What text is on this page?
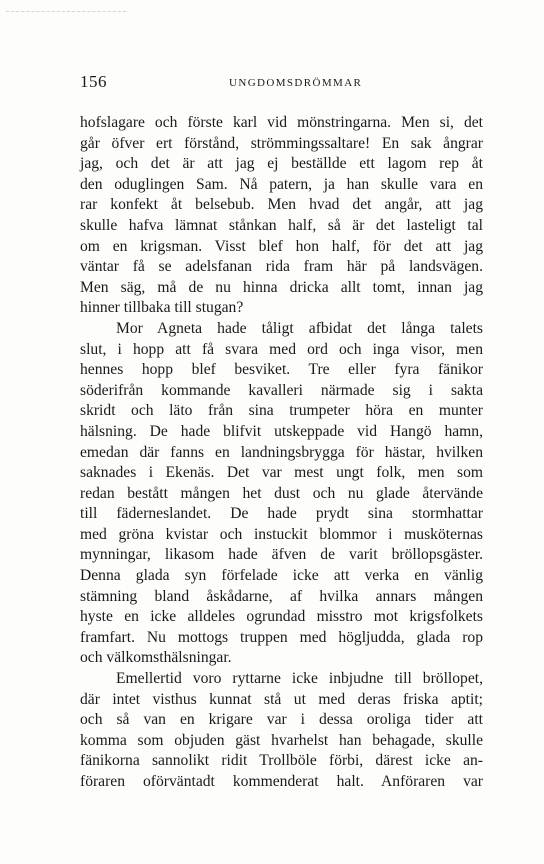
156	UNGDOMSDRÖMMAR
hofslagare och förste karl vid mönstringarna. Men si, det
går öfver ert förstånd, strömmingssaltare! En sak ångrar
jag, och det är att jag ej beställde ett lagom rep åt
den oduglingen Sam. Nå patern, ja han skulle vara en
rar konfekt åt belsebub. Men hvad det angår, att jag
skulle hafva lämnat stånkan half, så är det lasteligt tal
om en krigsman. Visst blef hon half, för det att jag
väntar få se adelsfanan rida fram här på landsvägen.
Men säg, må de nu hinna dricka allt tomt, innan jag
hinner tillbaka till stugan?
Mor Agneta hade tåligt afbidat det långa talets
slut, i hopp att få svara med ord och inga visor, men
hennes hopp blef besviket. Tre eller fyra fänikor
söderifrån kommande kavalleri närmade sig i sakta
skridt och läto från sina trumpeter höra en munter
hälsning. De hade blifvit utskeppade vid Hangö hamn,
emedan där fanns en landningsbrygga för hästar, hvilken
saknades i Ekenäs. Det var mest ungt folk, men som
redan bestått mången het dust och nu glade återvände
till fäderneslandet. De hade prydt sina stormhattar
med gröna kvistar och instuckit blommor i musköternas
mynningar, likasom hade äfven de varit bröllopsgäster.
Denna glada syn förfelade icke att verka en vänlig
stämning bland åskådarne, af hvilka annars mången
hyste en icke alldeles ogrundad misstro mot krigsfolkets
framfart. Nu mottogs truppen med högljudda, glada rop
och välkomsthälsningar.
Emellertid voro ryttarne icke inbjudne till bröllopet,
där intet visthus kunnat stå ut med deras friska aptit;
och så van en krigare var i dessa oroliga tider att
komma som objuden gäst hvarhelst han behagade, skulle
fänikorna sannolikt ridit Trollböle förbi, därest icke an-
föraren oförväntadt kommenderat halt. Anföraren var
